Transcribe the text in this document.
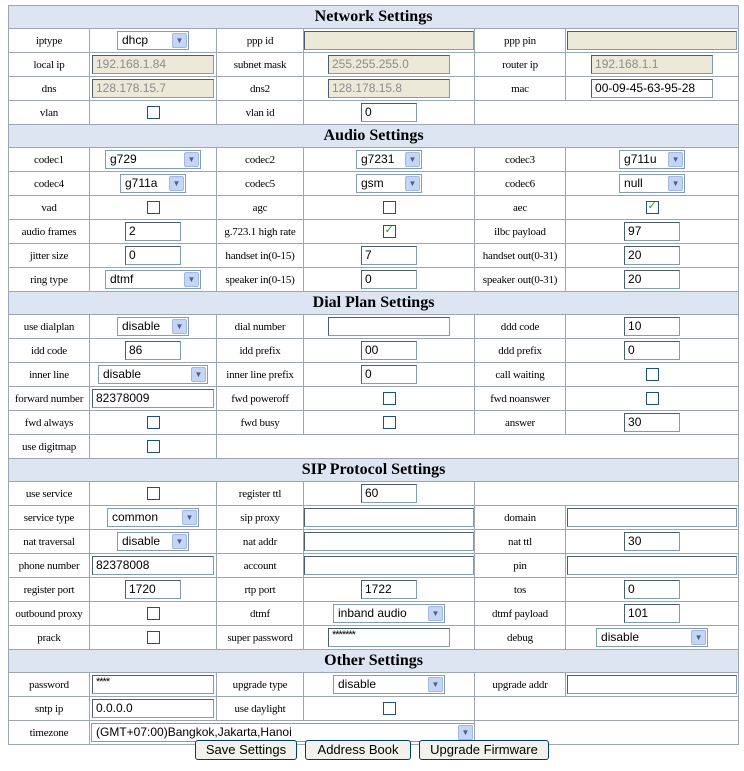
Network Settings					
iptype	dhcp ▼	ppp id		ppp pin	
local ip	192.168.1.84	subnet mask	255.255.255.0	router ip	192.168.1.1
dns	128.178.15.7	dns2	128.178.15.8	mac	00-09-45-63-95-28
vlan		vlan id	0		
Audio Settings					
codec1	g729 ▼	codec2	g7231 ▼	codec3	g711u ▼

codec4	g711a ▼	codec5	gsm ▼	codec6	null ▼

vad		agc		aec	✓
audio frames	2	g.723.1 high rate	✓	ilbc payload	97
jitter size	0	handset in(0-15)	7	handset out(0-31)	20
ring type	dtmf ▼	speaker in(0-15)	0	speaker out(0-31)	20
Dial Plan Settings					
use dialplan	disable ▼	dial number		ddd code	10
idd code	86	idd prefix	00	ddd prefix	0
inner line	disable ▼	inner line prefix	0	call waiting	
forward number	82378009	fwd poweroff		fwd noanswer	
fwd always		fwd busy		answer	30
use digitmap					
SIP Protocol Settings					
use service		register ttl	60		
service type	common ▼	sip proxy		domain	
nat traversal	disable ▼	nat addr		nat ttl	30
phone number	82378008	account		pin	
register port	1720	rtp port	1722	tos	0
outbound proxy		dtmf	inband audio ▼	dtmf payload	101
prack		super password	*******	debug	disable ▼

Other Settings					
password	****	upgrade type	disable ▼	upgrade addr	
sntp ip	0.0.0.0	use daylight			
timezone	(GMT+07:00)Bangkok,Jakarta,Hanoi ▼				

Save Settings Address Book Upgrade Firmware
